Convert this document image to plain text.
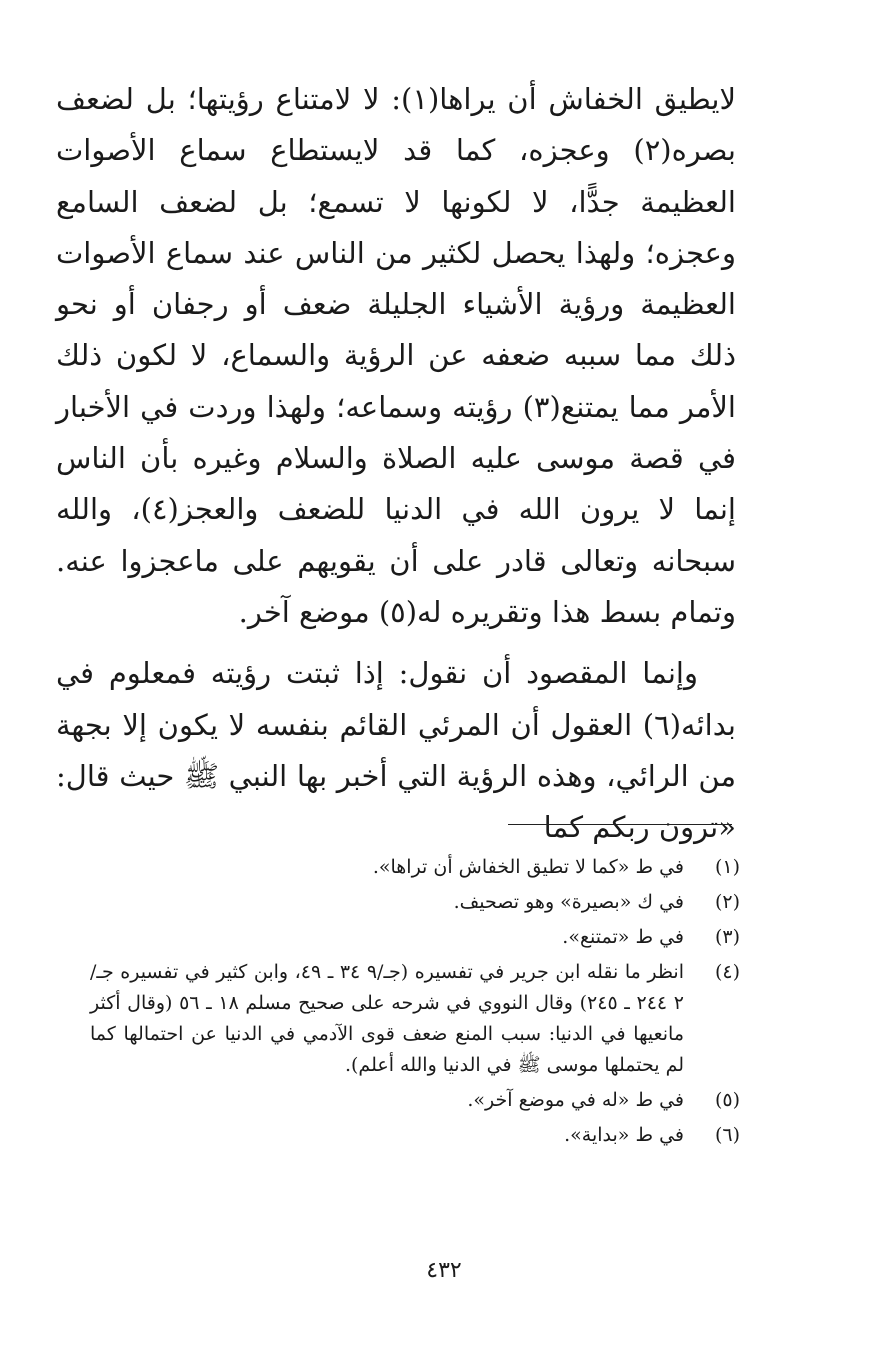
لايطيق الخفاش أن يراها(١): لا لامتناع رؤيتها؛ بل لضعف بصره(٢) وعجزه، كما قد لايستطاع سماع الأصوات العظيمة جدًّا، لا لكونها لا تسمع؛ بل لضعف السامع وعجزه؛ ولهذا يحصل لكثير من الناس عند سماع الأصوات العظيمة ورؤية الأشياء الجليلة ضعف أو رجفان أو نحو ذلك مما سببه ضعفه عن الرؤية والسماع، لا لكون ذلك الأمر مما يمتنع(٣) رؤيته وسماعه؛ ولهذا وردت في الأخبار في قصة موسى عليه الصلاة والسلام وغيره بأن الناس إنما لا يرون الله في الدنيا للضعف والعجز(٤)، والله سبحانه وتعالى قادر على أن يقويهم على ماعجزوا عنه. وتمام بسط هذا وتقريره له(٥) موضع آخر.

وإنما المقصود أن نقول: إذا ثبتت رؤيته فمعلوم في بدائه(٦) العقول أن المرئي القائم بنفسه لا يكون إلا بجهة من الرائي، وهذه الرؤية التي أخبر بها النبي ﷺ حيث قال: «ترون ربكم كما

(١)
في ط «كما لا تطيق الخفاش أن تراها».
(٢)
في ك «بصيرة» وهو تصحيف.
(٣)
في ط «تمتنع».
(٤)
انظر ما نقله ابن جرير في تفسيره (جـ/٩ ٣٤ ـ ٤٩، وابن كثير في تفسيره جـ/٢ ٢٤٤ ـ ٢٤٥) وقال النووي في شرحه على صحيح مسلم ١٨ ـ ٥٦ (وقال أكثر مانعيها في الدنيا: سبب المنع ضعف قوى الآدمي في الدنيا عن احتمالها كما لم يحتملها موسى ﷺ في الدنيا والله أعلم).
(٥)
في ط «له في موضع آخر».
(٦)
في ط «بداية».
٤٣٢
